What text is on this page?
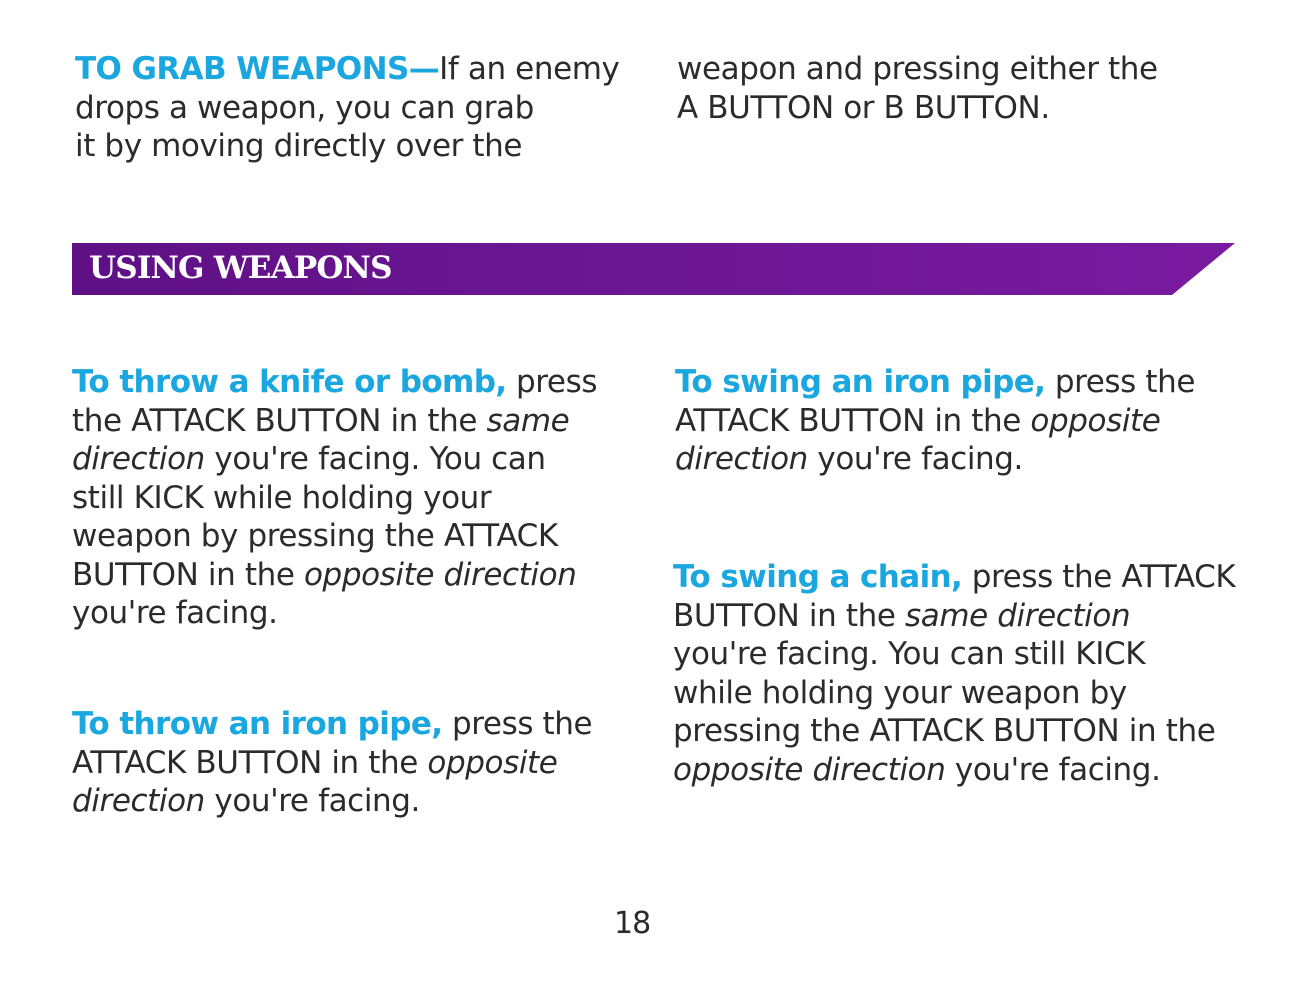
TO GRAB WEAPONS—If an enemy
drops a weapon, you can grab
it by moving directly over the

weapon and pressing either the
A BUTTON or B BUTTON.

USING WEAPONS

To throw a knife or bomb, press
the ATTACK BUTTON in the same
direction you're facing. You can
still KICK while holding your
weapon by pressing the ATTACK
BUTTON in the opposite direction
you're facing.

To throw an iron pipe, press the
ATTACK BUTTON in the opposite
direction you're facing.

To swing an iron pipe, press the
ATTACK BUTTON in the opposite
direction you're facing.

To swing a chain, press the ATTACK
BUTTON in the same direction
you're facing. You can still KICK
while holding your weapon by
pressing the ATTACK BUTTON in the
opposite direction you're facing.

18
